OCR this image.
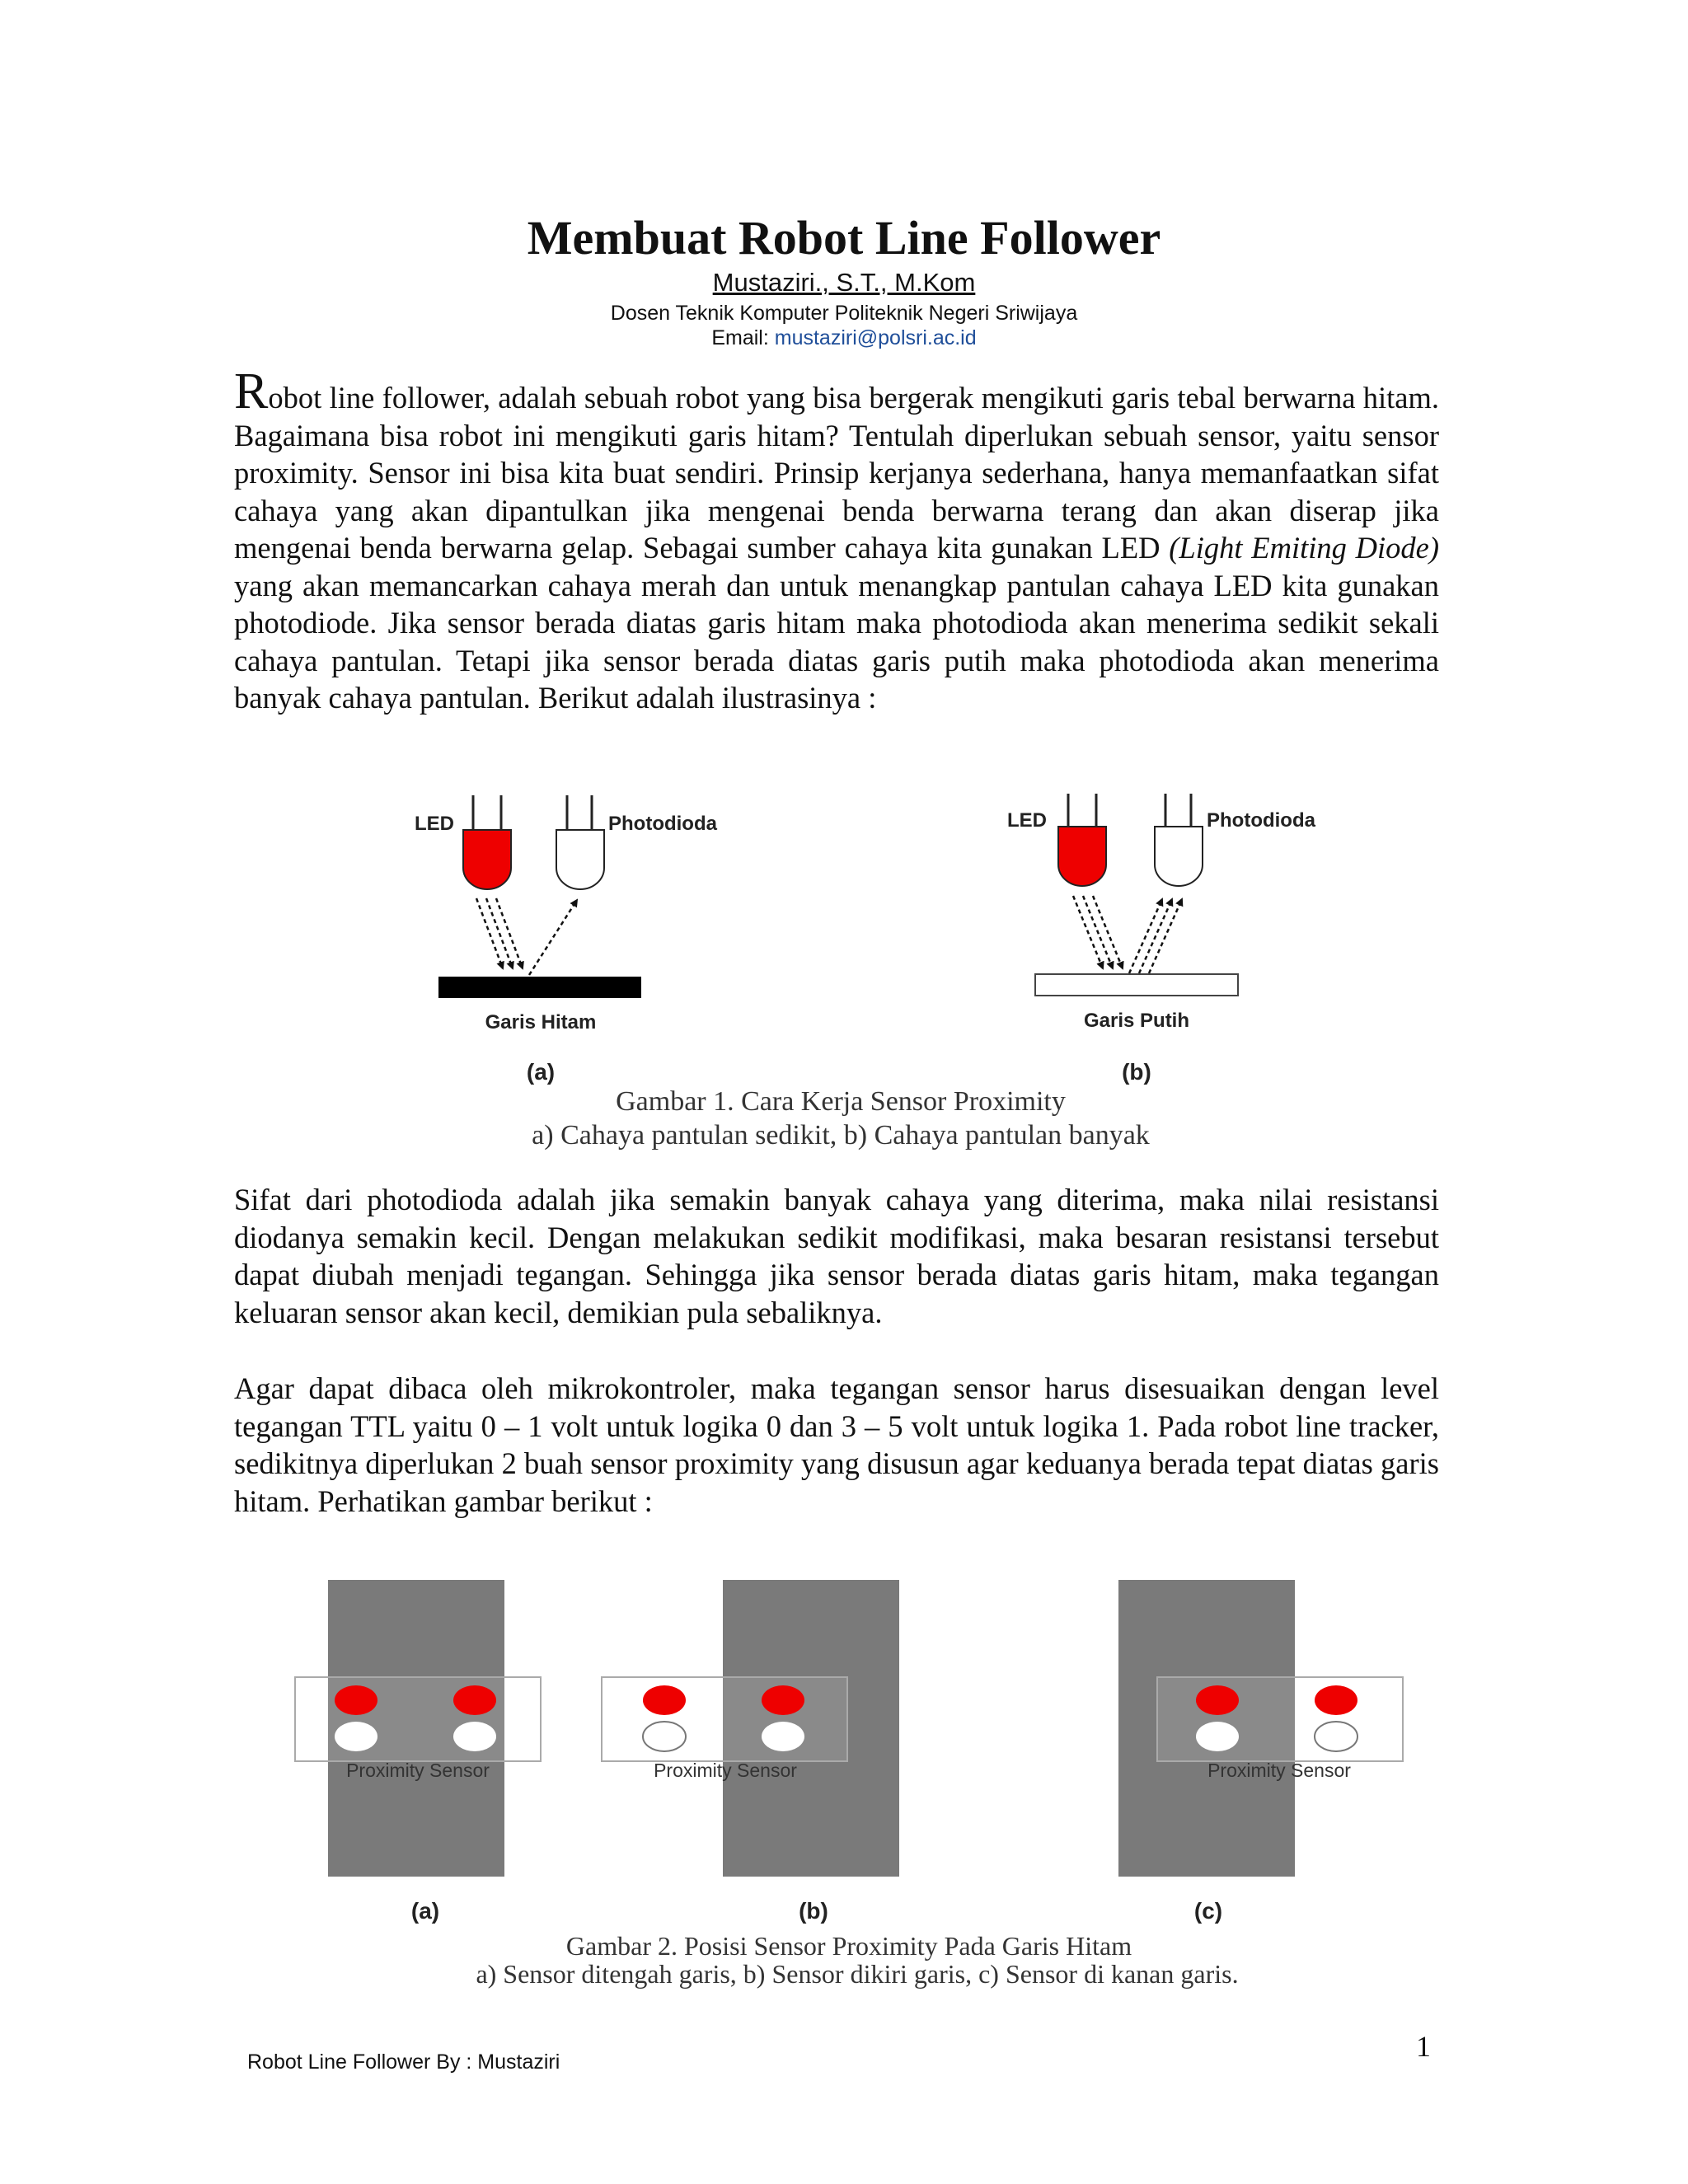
Membuat Robot Line Follower
Mustaziri., S.T., M.Kom
Dosen Teknik Komputer Politeknik Negeri Sriwijaya
Email: mustaziri@polsri.ac.id

Robot line follower, adalah sebuah robot yang bisa bergerak mengikuti garis tebal berwarna hitam. Bagaimana bisa robot ini mengikuti garis hitam? Tentulah diperlukan sebuah sensor, yaitu sensor proximity. Sensor ini bisa kita buat sendiri. Prinsip kerjanya sederhana, hanya memanfaatkan sifat cahaya yang akan dipantulkan jika mengenai benda berwarna terang dan akan diserap jika mengenai benda berwarna gelap. Sebagai sumber cahaya kita gunakan LED (Light Emiting Diode) yang akan memancarkan cahaya merah dan untuk menangkap pantulan cahaya LED kita gunakan photodiode. Jika sensor berada diatas garis hitam maka photodioda akan menerima sedikit sekali cahaya pantulan. Tetapi jika sensor berada diatas garis putih maka photodioda akan menerima banyak cahaya pantulan. Berikut adalah ilustrasinya :

LED	Photodioda
Garis Hitam
(a)
LED	Photodioda
Garis Putih
(b)
Gambar 1. Cara Kerja Sensor Proximity
a) Cahaya pantulan sedikit, b) Cahaya pantulan banyak

Sifat dari photodioda adalah jika semakin banyak cahaya yang diterima, maka nilai resistansi diodanya semakin kecil. Dengan melakukan sedikit modifikasi, maka besaran resistansi tersebut dapat diubah menjadi tegangan. Sehingga jika sensor berada diatas garis hitam, maka tegangan keluaran sensor akan kecil, demikian pula sebaliknya.

Agar dapat dibaca oleh mikrokontroler, maka tegangan sensor harus disesuaikan dengan level tegangan TTL yaitu 0 – 1 volt untuk logika 0 dan 3 – 5 volt untuk logika 1. Pada robot line tracker, sedikitnya diperlukan 2 buah sensor proximity yang disusun agar keduanya berada tepat diatas garis hitam. Perhatikan gambar berikut :

Proximity Sensor
(a)
Proximity Sensor
(b)
Proximity Sensor
(c)
Gambar 2. Posisi Sensor Proximity Pada Garis Hitam
a) Sensor ditengah garis, b) Sensor dikiri garis, c) Sensor di kanan garis.
1
Robot Line Follower By : Mustaziri
